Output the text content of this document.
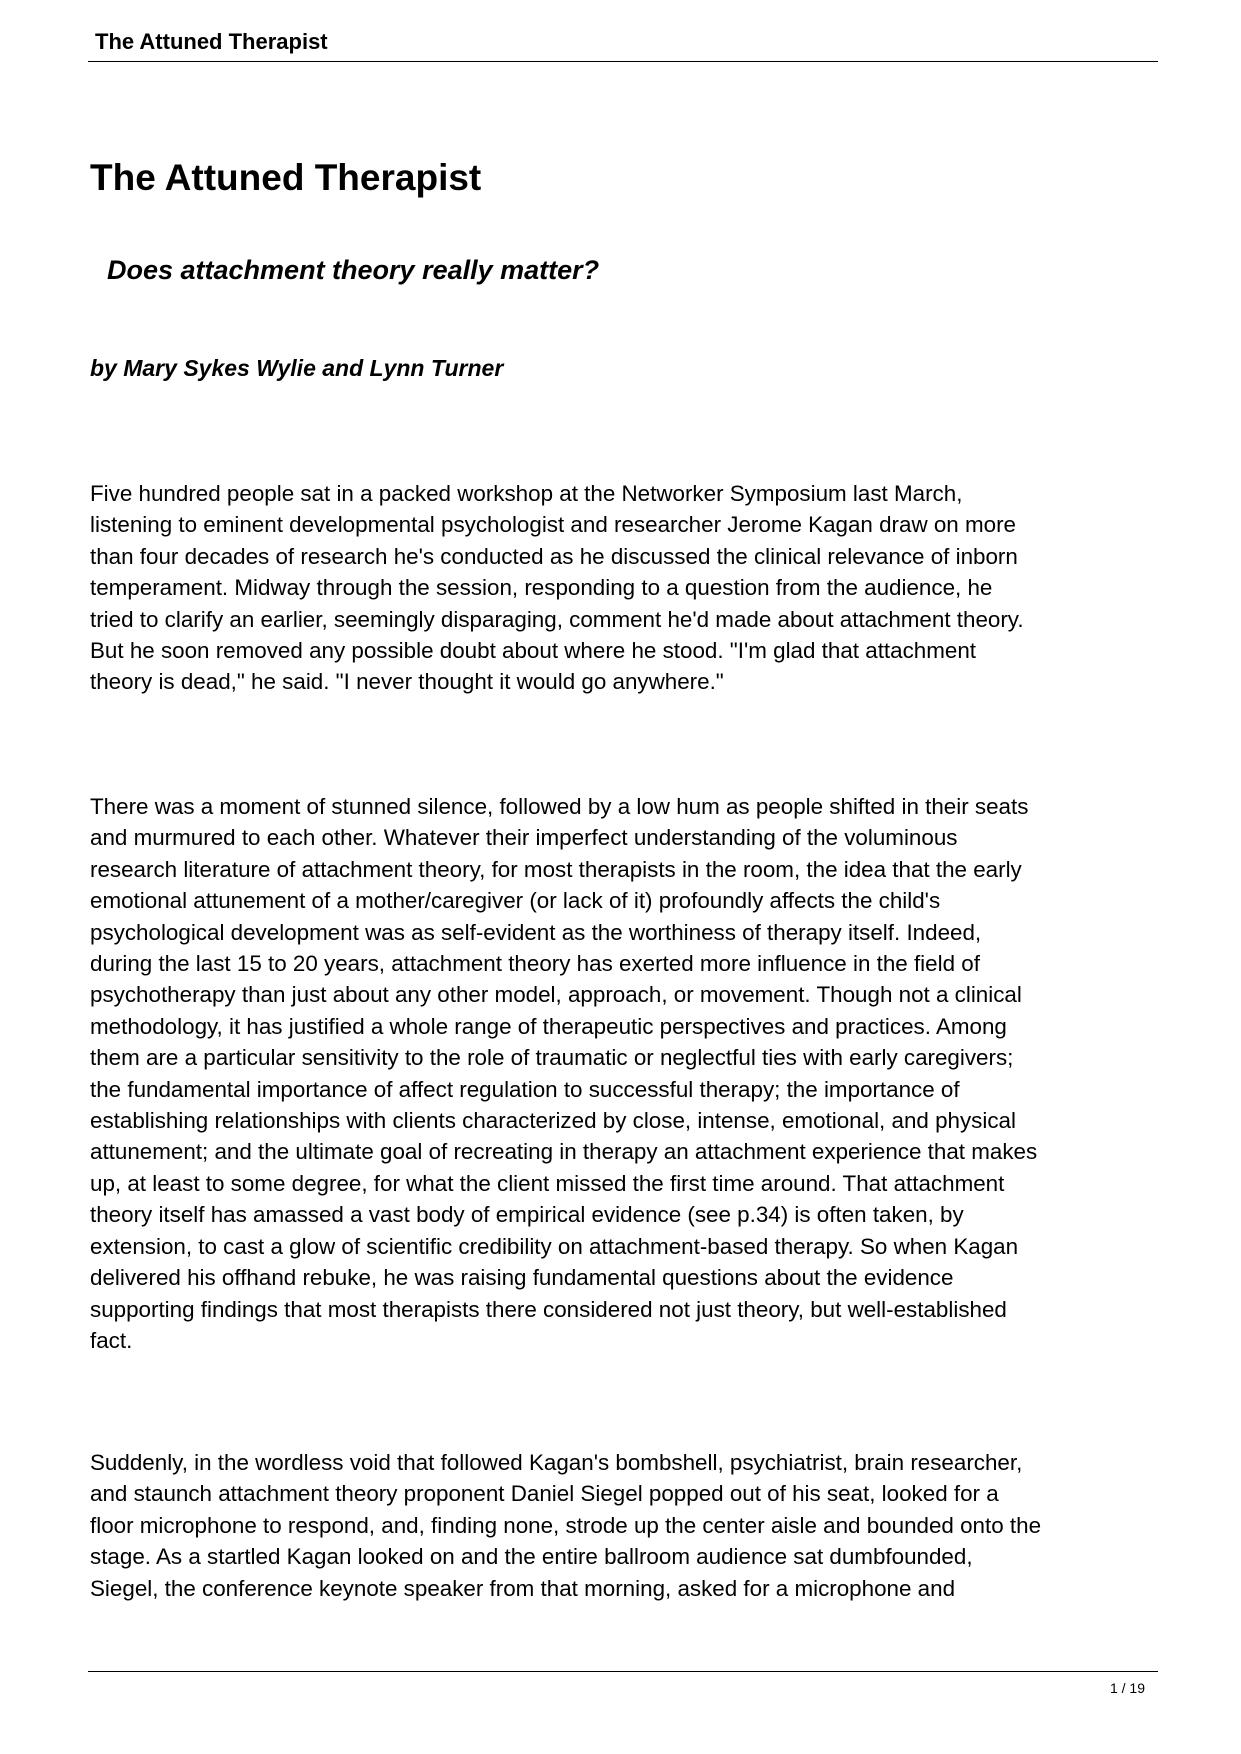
The Attuned Therapist
The Attuned Therapist
Does attachment theory really matter?

by Mary Sykes Wylie and Lynn Turner

Five hundred people sat in a packed workshop at the Networker Symposium last March,
listening to eminent developmental psychologist and researcher Jerome Kagan draw on more
than four decades of research he's conducted as he discussed the clinical relevance of inborn
temperament. Midway through the session, responding to a question from the audience, he
tried to clarify an earlier, seemingly disparaging, comment he'd made about attachment theory.
But he soon removed any possible doubt about where he stood. "I'm glad that attachment
theory is dead," he said. "I never thought it would go anywhere."

There was a moment of stunned silence, followed by a low hum as people shifted in their seats
and murmured to each other. Whatever their imperfect understanding of the voluminous
research literature of attachment theory, for most therapists in the room, the idea that the early
emotional attunement of a mother/caregiver (or lack of it) profoundly affects the child's
psychological development was as self-evident as the worthiness of therapy itself. Indeed,
during the last 15 to 20 years, attachment theory has exerted more influence in the field of
psychotherapy than just about any other model, approach, or movement. Though not a clinical
methodology, it has justified a whole range of therapeutic perspectives and practices. Among
them are a particular sensitivity to the role of traumatic or neglectful ties with early caregivers;
the fundamental importance of affect regulation to successful therapy; the importance of
establishing relationships with clients characterized by close, intense, emotional, and physical
attunement; and the ultimate goal of recreating in therapy an attachment experience that makes
up, at least to some degree, for what the client missed the first time around. That attachment
theory itself has amassed a vast body of empirical evidence (see p.34) is often taken, by
extension, to cast a glow of scientific credibility on attachment-based therapy. So when Kagan
delivered his offhand rebuke, he was raising fundamental questions about the evidence
supporting findings that most therapists there considered not just theory, but well-established
fact.

Suddenly, in the wordless void that followed Kagan's bombshell, psychiatrist, brain researcher,
and staunch attachment theory proponent Daniel Siegel popped out of his seat, looked for a
floor microphone to respond, and, finding none, strode up the center aisle and bounded onto the
stage. As a startled Kagan looked on and the entire ballroom audience sat dumbfounded,
Siegel, the conference keynote speaker from that morning, asked for a microphone and

1 / 19
